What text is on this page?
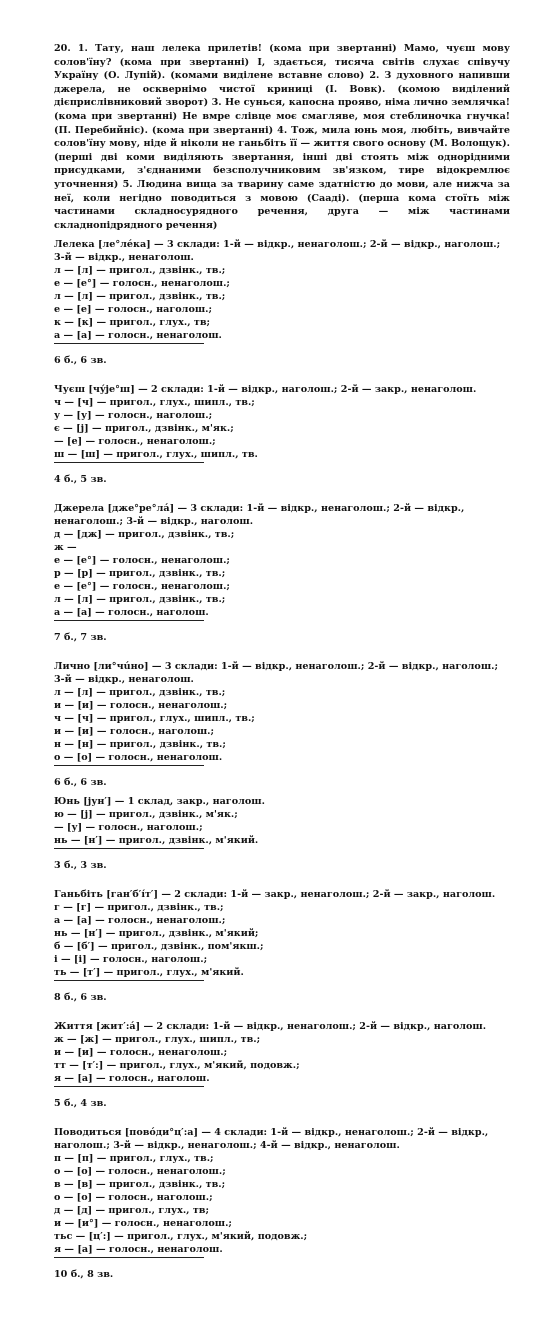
20. 1. Тату, наш лелека прилетів! (кома при звертанні) Мамо, чуєш мову солов'їну? (кома при звертанні) І, здається, тисяча світів слухає співучу Україну (О. Лупій). (комами виділене вставне слово) 2. З духовного напивши джерела, не осквернімо чистої криниці (І. Вовк). (комою виділений дієприслівниковий зворот) 3. Не сунься, капосна прояво, німа лично землячка! (кома при звертанні) Не вмре слівце моє смагляве, моя стеблиночка гнучка! (П. Перебийніс). (кома при звертанні) 4. Тож, мила юнь моя, любіть, вивчайте солов'їну мову, ніде й ніколи не ганьбіть її — життя свого основу (М. Волощук). (перші дві коми виділяють звертання, інші дві стоять між однорідними присудками, з'єднаними безсполучниковим зв'язком, тире відокремлює уточнення) 5. Людина вища за тварину саме здатністю до мови, але нижча за неї, коли негідно поводиться з мовою (Сааді). (перша кома стоїть між частинами складносурядного речення, друга — між частинами складнопідрядного речення)

Лелека [ле°лéка] — 3 склади: 1-й — відкр., ненаголош.; 2-й — відкр., наголош.; 3-й — відкр., ненаголош.

л — [л] — пригол., дзвінк., тв.;

е — [е°] — голосн., ненаголош.;

л — [л] — пригол., дзвінк., тв.;

е — [е] — голосн., наголош.;

к — [к] — пригол., глух., тв;

а — [а] — голосн., ненаголош.

6 б., 6 зв.

Чуєш [чýје°ш] — 2 склади: 1-й — відкр., наголош.; 2-й — закр., ненаголош.

ч — [ч] — пригол., глух., шипл., тв.;

у — [у] — голосн., наголош.;

є — [ј] — пригол., дзвінк., м'як.;

— [е] — голосн., ненаголош.;

ш — [ш] — пригол., глух., шипл., тв.

4 б., 5 зв.

Джерела [дже°ре°лá] — 3 склади: 1-й — відкр., ненаголош.; 2-й — відкр., ненаголош.; 3-й — відкр., наголош.

д — [дж] — пригол., дзвінк., тв.;

ж —

е — [е°] — голосн., ненаголош.;

р — [р] — пригол., дзвінк., тв.;

е — [е°] — голосн., ненаголош.;

л — [л] — пригол., дзвінк., тв.;

а — [а] — голосн., наголош.

7 б., 7 зв.

Лично [ли°чúно] — 3 склади: 1-й — відкр., ненаголош.; 2-й — відкр., наголош.; 3-й — відкр., ненаголош.

л — [л] — пригол., дзвінк., тв.;

и — [и] — голосн., ненаголош.;

ч — [ч] — пригол., глух., шипл., тв.;

и — [и] — голосн., наголош.;

н — [н] — пригол., дзвінк., тв.;

о — [о] — голосн., ненаголош.

6 б., 6 зв.

Юнь [јун′] — 1 склад, закр., наголош.

ю — [ј] — пригол., дзвінк., м'як.;

— [у] — голосн., наголош.;

нь — [н′] — пригол., дзвінк., м'який.

3 б., 3 зв.

Ганьбіть [ган′б′íт′] — 2 склади: 1-й — закр., ненаголош.; 2-й — закр., наголош.

г — [г] — пригол., дзвінк., тв.;

а — [а] — голосн., ненаголош.;

нь — [н′] — пригол., дзвінк., м'який;

б — [б′] — пригол., дзвінк., пом'якш.;

і — [і] — голосн., наголош.;

ть — [т′] — пригол., глух., м'який.

8 б., 6 зв.

Життя [жит′:á] — 2 склади: 1-й — відкр., ненаголош.; 2-й — відкр., наголош.

ж — [ж] — пригол., глух., шипл., тв.;

и — [и] — голосн., ненаголош.;

тт — [т′:] — пригол., глух., м'який, подовж.;

я — [а] — голосн., наголош.

5 б., 4 зв.

Поводиться [повóди°ц′:а] — 4 склади: 1-й — відкр., ненаголош.; 2-й — відкр., наголош.; 3-й — відкр., ненаголош.; 4-й — відкр., ненаголош.

п — [п] — пригол., глух., тв.;

о — [о] — голосн., ненаголош.;

в — [в] — пригол., дзвінк., тв.;

о — [о] — голосн., наголош.;

д — [д] — пригол., глух., тв;

и — [и°] — голосн., ненаголош.;

тьс — [ц′:] — пригол., глух., м'який, подовж.;

я — [а] — голосн., ненаголош.

10 б., 8 зв.
